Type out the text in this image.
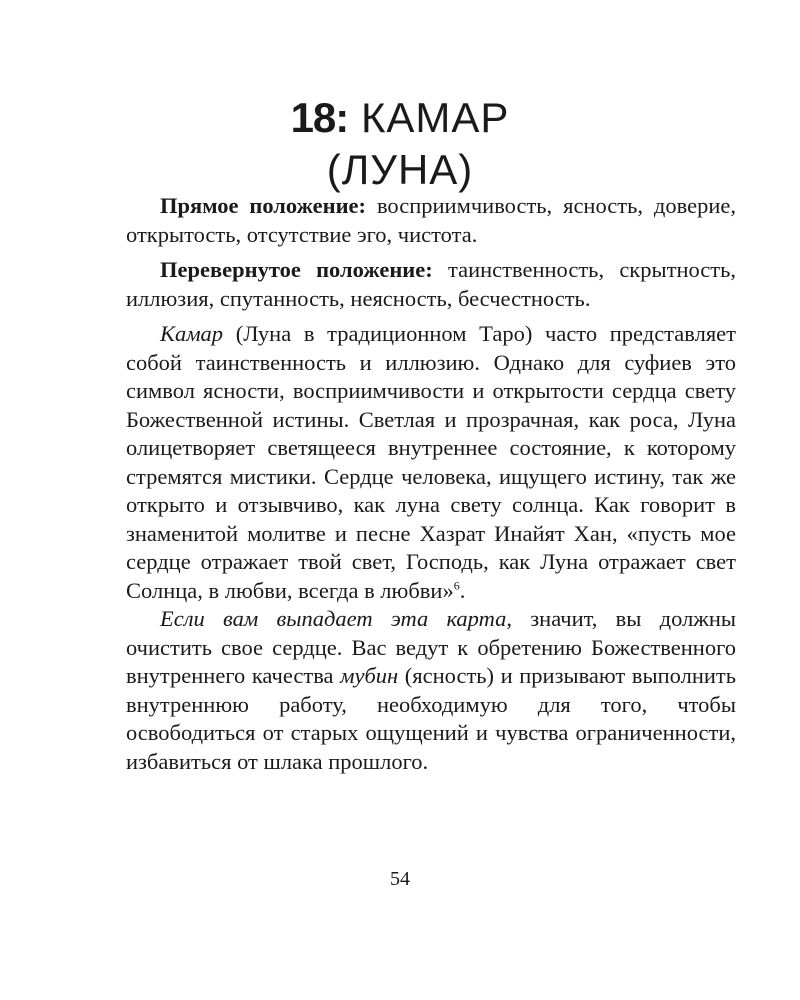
18: КАМАР
(ЛУНА)

Прямое положение: восприимчивость, ясность, доверие, открытость, отсутствие эго, чистота.

Перевернутое положение: таинственность, скрытность, иллюзия, спутанность, неясность, бесчестность.

Камар (Луна в традиционном Таро) часто представляет собой таинственность и иллюзию. Однако для суфиев это символ ясности, восприимчивости и открытости сердца свету Божественной истины. Светлая и прозрачная, как роса, Луна олицетворяет светящееся внутреннее состояние, к которому стремятся мистики. Сердце человека, ищущего истину, так же открыто и отзывчиво, как луна свету солнца. Как говорит в знаменитой молитве и песне Хазрат Инайят Хан, «пусть мое сердце отражает твой свет, Господь, как Луна отражает свет Солнца, в любви, всегда в любви»$^6$.

Если вам выпадает эта карта, значит, вы должны очистить свое сердце. Вас ведут к обретению Божественного внутреннего качества мубин (ясность) и призывают выполнить внутреннюю работу, необходимую для того, чтобы освободиться от старых ощущений и чувства ограниченности, избавиться от шлака прошлого.

54
